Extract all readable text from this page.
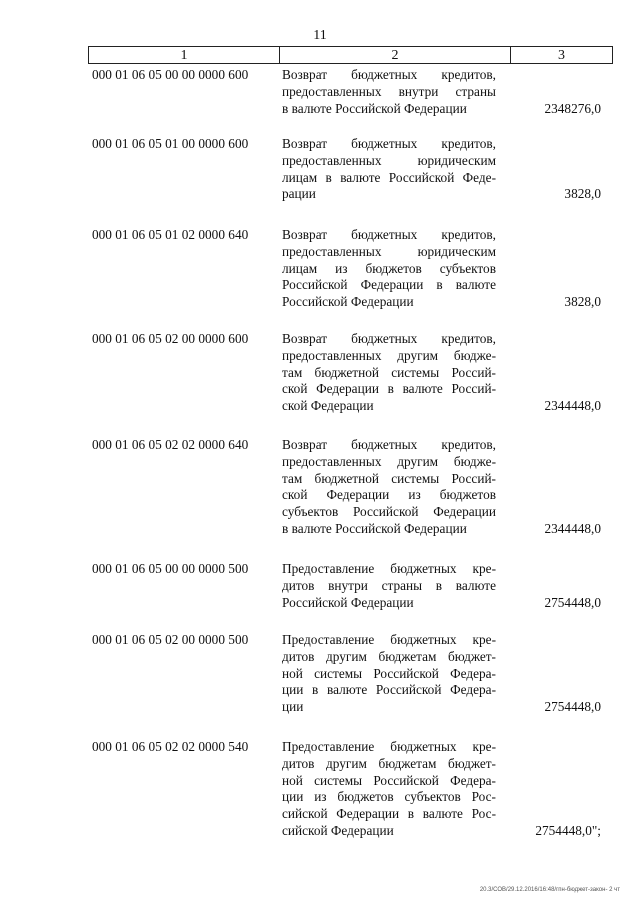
11
1	2	3
000 01 06 05 00 00 0000 600	Возврат бюджетных кредитов,
предоставленных внутри страны
в валюте Российской Федерации	2348276,0
000 01 06 05 01 00 0000 600	Возврат бюджетных кредитов,
предоставленных юридическим
лицам в валюте Российской Феде-
рации	3828,0
000 01 06 05 01 02 0000 640	Возврат бюджетных кредитов,
предоставленных юридическим
лицам из бюджетов субъектов
Российской Федерации в валюте
Российской Федерации	3828,0
000 01 06 05 02 00 0000 600	Возврат бюджетных кредитов,
предоставленных другим бюдже-
там бюджетной системы Россий-
ской Федерации в валюте Россий-
ской Федерации	2344448,0
000 01 06 05 02 02 0000 640	Возврат бюджетных кредитов,
предоставленных другим бюдже-
там бюджетной системы Россий-
ской Федерации из бюджетов
субъектов Российской Федерации
в валюте Российской Федерации	2344448,0
000 01 06 05 00 00 0000 500	Предоставление бюджетных кре-
дитов внутри страны в валюте
Российской Федерации	2754448,0
000 01 06 05 02 00 0000 500	Предоставление бюджетных кре-
дитов другим бюджетам бюджет-
ной системы Российской Федера-
ции в валюте Российской Федера-
ции	2754448,0
000 01 06 05 02 02 0000 540	Предоставление бюджетных кре-
дитов другим бюджетам бюджет-
ной системы Российской Федера-
ции из бюджетов субъектов Рос-
сийской Федерации в валюте Рос-
сийской Федерации	2754448,0";
20.3/СОВ/29.12.2016/16:48/гпн-бюджет-закон- 2 чт
